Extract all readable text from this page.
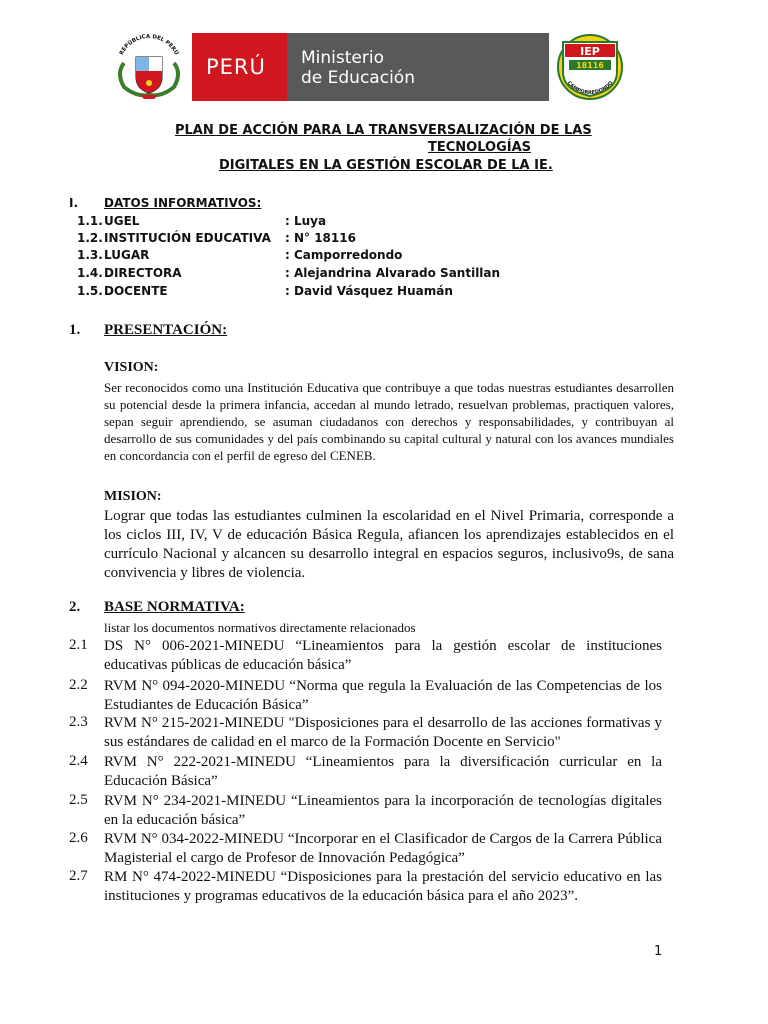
REPÚBLICA DEL PERÚ
PERÚ Ministerio
de Educación
IEP
18116
CAMPORREDONDO
PLAN DE ACCIÓN PARA LA TRANSVERSALIZACIÓN DE LAS
TECNOLOGÍAS
DIGITALES EN LA GESTIÓN ESCOLAR DE LA IE.
I. DATOS INFORMATIVOS:
1.1. UGEL	: Luya
1.2. INSTITUCIÓN EDUCATIVA : N° 18116
1.3. LUGAR	: Camporredondo
1.4. DIRECTORA	: Alejandrina Alvarado Santillan
1.5. DOCENTE	: David Vásquez Huamán
1. PRESENTACIÓN:
VISION:
Ser reconocidos como una Institución Educativa que contribuye a que todas nuestras estudiantes desarrollen su potencial desde la primera infancia, accedan al mundo letrado, resuelvan problemas, practiquen valores, sepan seguir aprendiendo, se asuman ciudadanos con derechos y responsabilidades, y contribuyan al desarrollo de sus comunidades y del país combinando su capital cultural y natural con los avances mundiales en concordancia con el perfil de egreso del CENEB.
MISION:
Lograr que todas las estudiantes culminen la escolaridad en el Nivel Primaria, corresponde a los ciclos III, IV, V de educación Básica Regula, afiancen los aprendizajes establecidos en el currículo Nacional y alcancen su desarrollo integral en espacios seguros, inclusivo9s, de sana convivencia y libres de violencia.
2. BASE NORMATIVA:
listar los documentos normativos directamente relacionados
2.1 DS N° 006-2021-MINEDU “Lineamientos para la gestión escolar de instituciones educativas públicas de educación básica”
2.2 RVM N° 094-2020-MINEDU “Norma que regula la Evaluación de las Competencias de los Estudiantes de Educación Básica”
2.3 RVM N° 215-2021-MINEDU "Disposiciones para el desarrollo de las acciones formativas y sus estándares de calidad en el marco de la Formación Docente en Servicio"
2.4 RVM N° 222-2021-MINEDU “Lineamientos para la diversificación curricular en la Educación Básica”
2.5 RVM N° 234-2021-MINEDU “Lineamientos para la incorporación de tecnologías digitales en la educación básica”
2.6 RVM N° 034-2022-MINEDU “Incorporar en el Clasificador de Cargos de la Carrera Pública Magisterial el cargo de Profesor de Innovación Pedagógica”
2.7 RM N° 474-2022-MINEDU “Disposiciones para la prestación del servicio educativo en las instituciones y programas educativos de la educación básica para el año 2023”.
1
